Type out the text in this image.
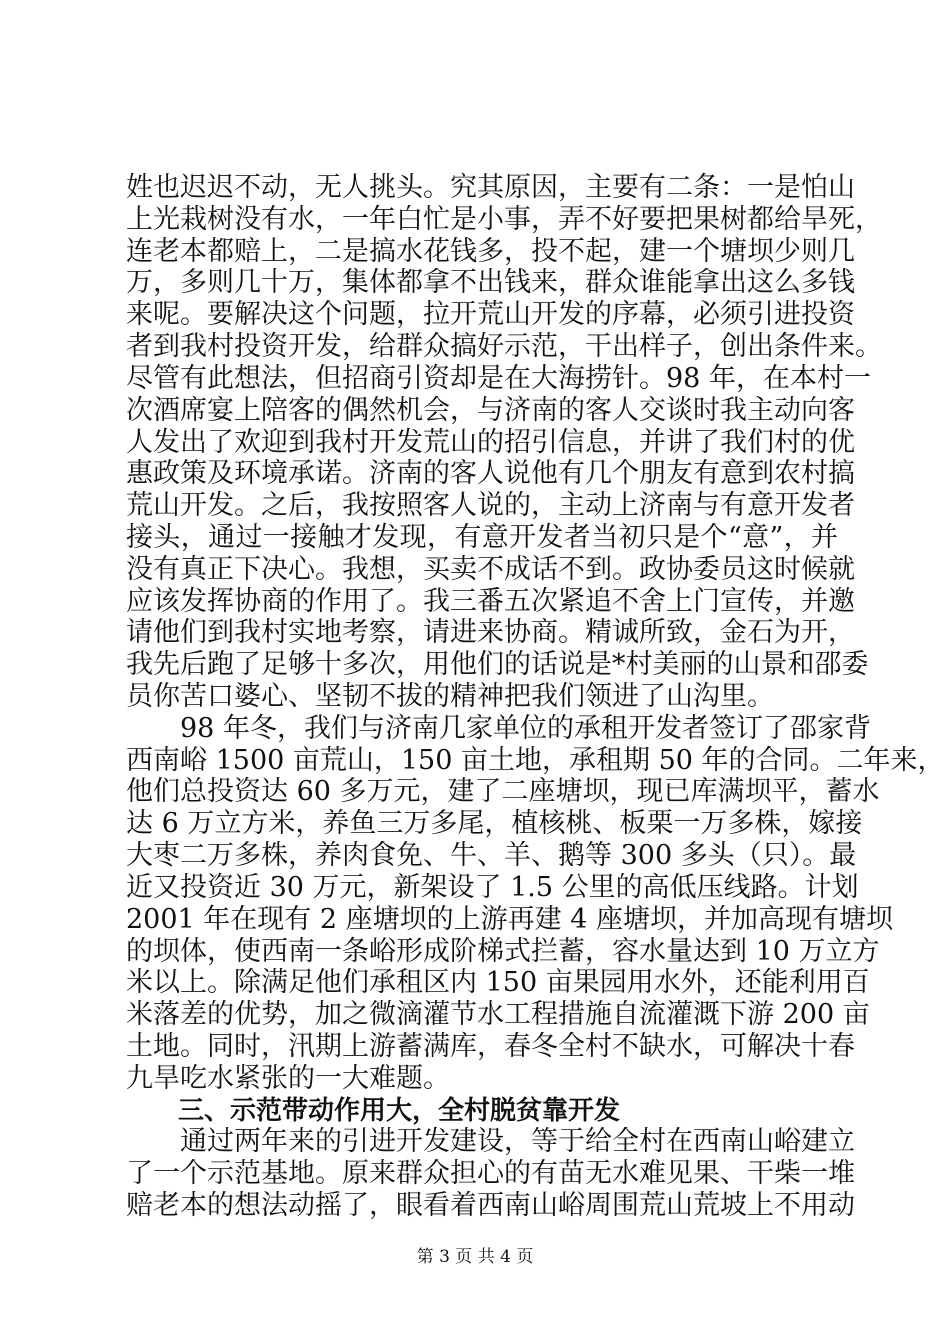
姓也迟迟不动，无人挑头。究其原因，主要有二条：一是怕山
上光栽树没有水，一年白忙是小事，弄不好要把果树都给旱死，
连老本都赔上，二是搞水花钱多，投不起，建一个塘坝少则几
万，多则几十万，集体都拿不出钱来，群众谁能拿出这么多钱
来呢。要解决这个问题，拉开荒山开发的序幕，必须引进投资
者到我村投资开发，给群众搞好示范，干出样子，创出条件来。
尽管有此想法，但招商引资却是在大海捞针。98 年，在本村一
次酒席宴上陪客的偶然机会，与济南的客人交谈时我主动向客
人发出了欢迎到我村开发荒山的招引信息，并讲了我们村的优
惠政策及环境承诺。济南的客人说他有几个朋友有意到农村搞
荒山开发。之后，我按照客人说的，主动上济南与有意开发者
接头，通过一接触才发现，有意开发者当初只是个“意”，并
没有真正下决心。我想，买卖不成话不到。政协委员这时候就
应该发挥协商的作用了。我三番五次紧追不舍上门宣传，并邀
请他们到我村实地考察，请进来协商。精诚所致，金石为开，
我先后跑了足够十多次，用他们的话说是*村美丽的山景和邵委
员你苦口婆心、坚韧不拔的精神把我们领进了山沟里。
　　98 年冬，我们与济南几家单位的承租开发者签订了邵家背
西南峪 1500 亩荒山，150 亩土地，承租期 50 年的合同。二年来，
他们总投资达 60 多万元，建了二座塘坝，现已库满坝平，蓄水
达 6 万立方米，养鱼三万多尾，植核桃、板栗一万多株，嫁接
大枣二万多株，养肉食免、牛、羊、鹅等 300 多头（只）。最
近又投资近 30 万元，新架设了 1.5 公里的高低压线路。计划
2001 年在现有 2 座塘坝的上游再建 4 座塘坝，并加高现有塘坝
的坝体，使西南一条峪形成阶梯式拦蓄，容水量达到 10 万立方
米以上。除满足他们承租区内 150 亩果园用水外，还能利用百
米落差的优势，加之微滴灌节水工程措施自流灌溉下游 200 亩
土地。同时，汛期上游蓄满库，春冬全村不缺水，可解决十春
九旱吃水紧张的一大难题。
三、示范带动作用大，全村脱贫靠开发
　　通过两年来的引进开发建设，等于给全村在西南山峪建立
了一个示范基地。原来群众担心的有苗无水难见果、干柴一堆
赔老本的想法动摇了，眼看着西南山峪周围荒山荒坡上不用动
第 3 页 共 4 页
